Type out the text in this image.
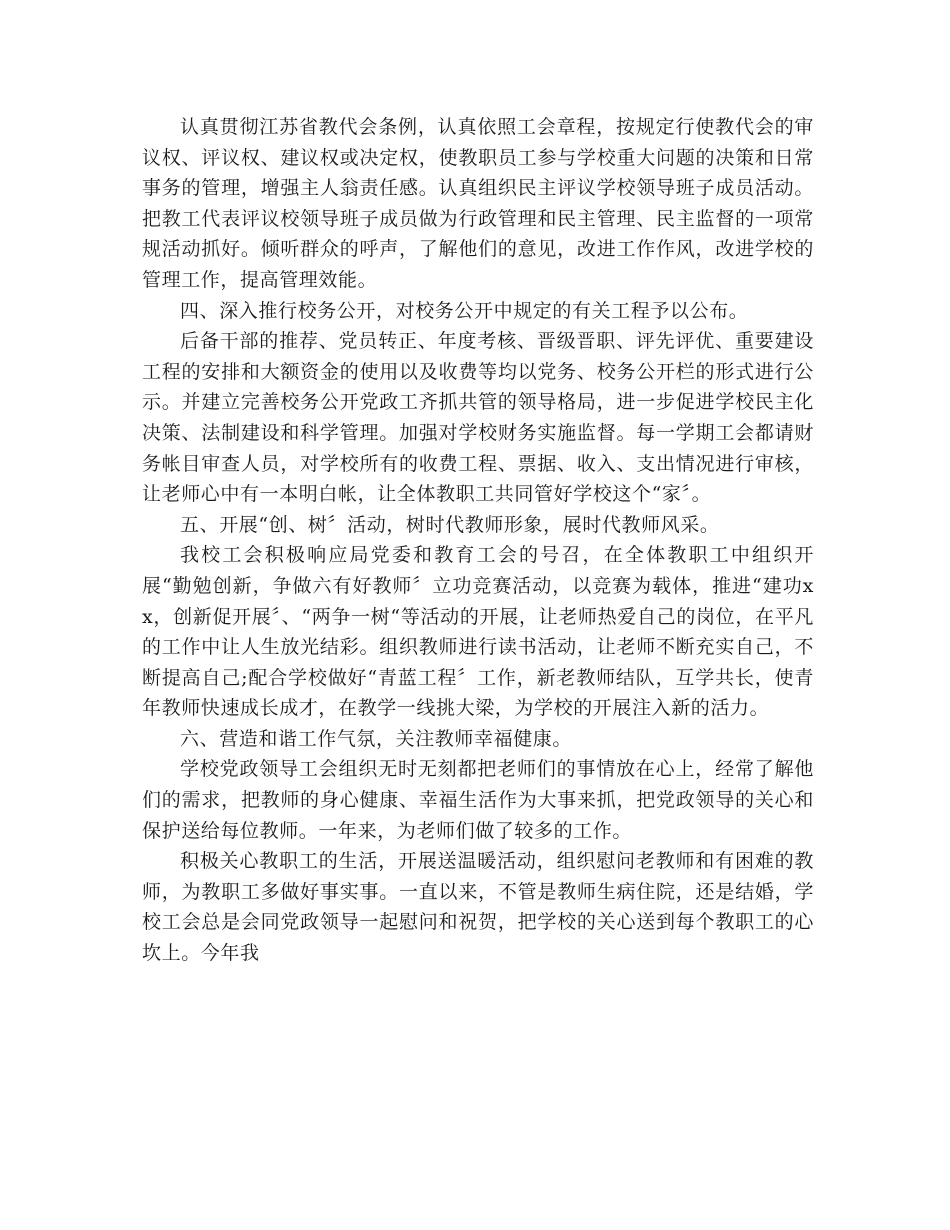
认真贯彻江苏省教代会条例，认真依照工会章程，按规定行使教代会的审议权、评议权、建议权或决定权，使教职员工参与学校重大问题的决策和日常事务的管理，增强主人翁责任感。认真组织民主评议学校领导班子成员活动。把教工代表评议校领导班子成员做为行政管理和民主管理、民主监督的一项常规活动抓好。倾听群众的呼声，了解他们的意见，改进工作作风，改进学校的管理工作，提高管理效能。

四、深入推行校务公开，对校务公开中规定的有关工程予以公布。

后备干部的推荐、党员转正、年度考核、晋级晋职、评先评优、重要建设工程的安排和大额资金的使用以及收费等均以党务、校务公开栏的形式进行公示。并建立完善校务公开党政工齐抓共管的领导格局，进一步促进学校民主化决策、法制建设和科学管理。加强对学校财务实施监督。每一学期工会都请财务帐目审查人员，对学校所有的收费工程、票据、收入、支出情况进行审核，让老师心中有一本明白帐，让全体教职工共同管好学校这个“家〞。

五、开展“创、树〞活动，树时代教师形象，展时代教师风采。

我校工会积极响应局党委和教育工会的号召，在全体教职工中组织开展“勤勉创新，争做六有好教师〞立功竞赛活动，以竞赛为载体，推进“建功xx，创新促开展〞、“两争一树“等活动的开展，让老师热爱自己的岗位，在平凡的工作中让人生放光结彩。组织教师进行读书活动，让老师不断充实自己，不断提高自己;配合学校做好“青蓝工程〞工作，新老教师结队，互学共长，使青年教师快速成长成才，在教学一线挑大梁，为学校的开展注入新的活力。

六、营造和谐工作气氛，关注教师幸福健康。

学校党政领导工会组织无时无刻都把老师们的事情放在心上，经常了解他们的需求，把教师的身心健康、幸福生活作为大事来抓，把党政领导的关心和保护送给每位教师。一年来，为老师们做了较多的工作。

积极关心教职工的生活，开展送温暖活动，组织慰问老教师和有困难的教师，为教职工多做好事实事。一直以来，不管是教师生病住院，还是结婚，学校工会总是会同党政领导一起慰问和祝贺，把学校的关心送到每个教职工的心坎上。今年我
